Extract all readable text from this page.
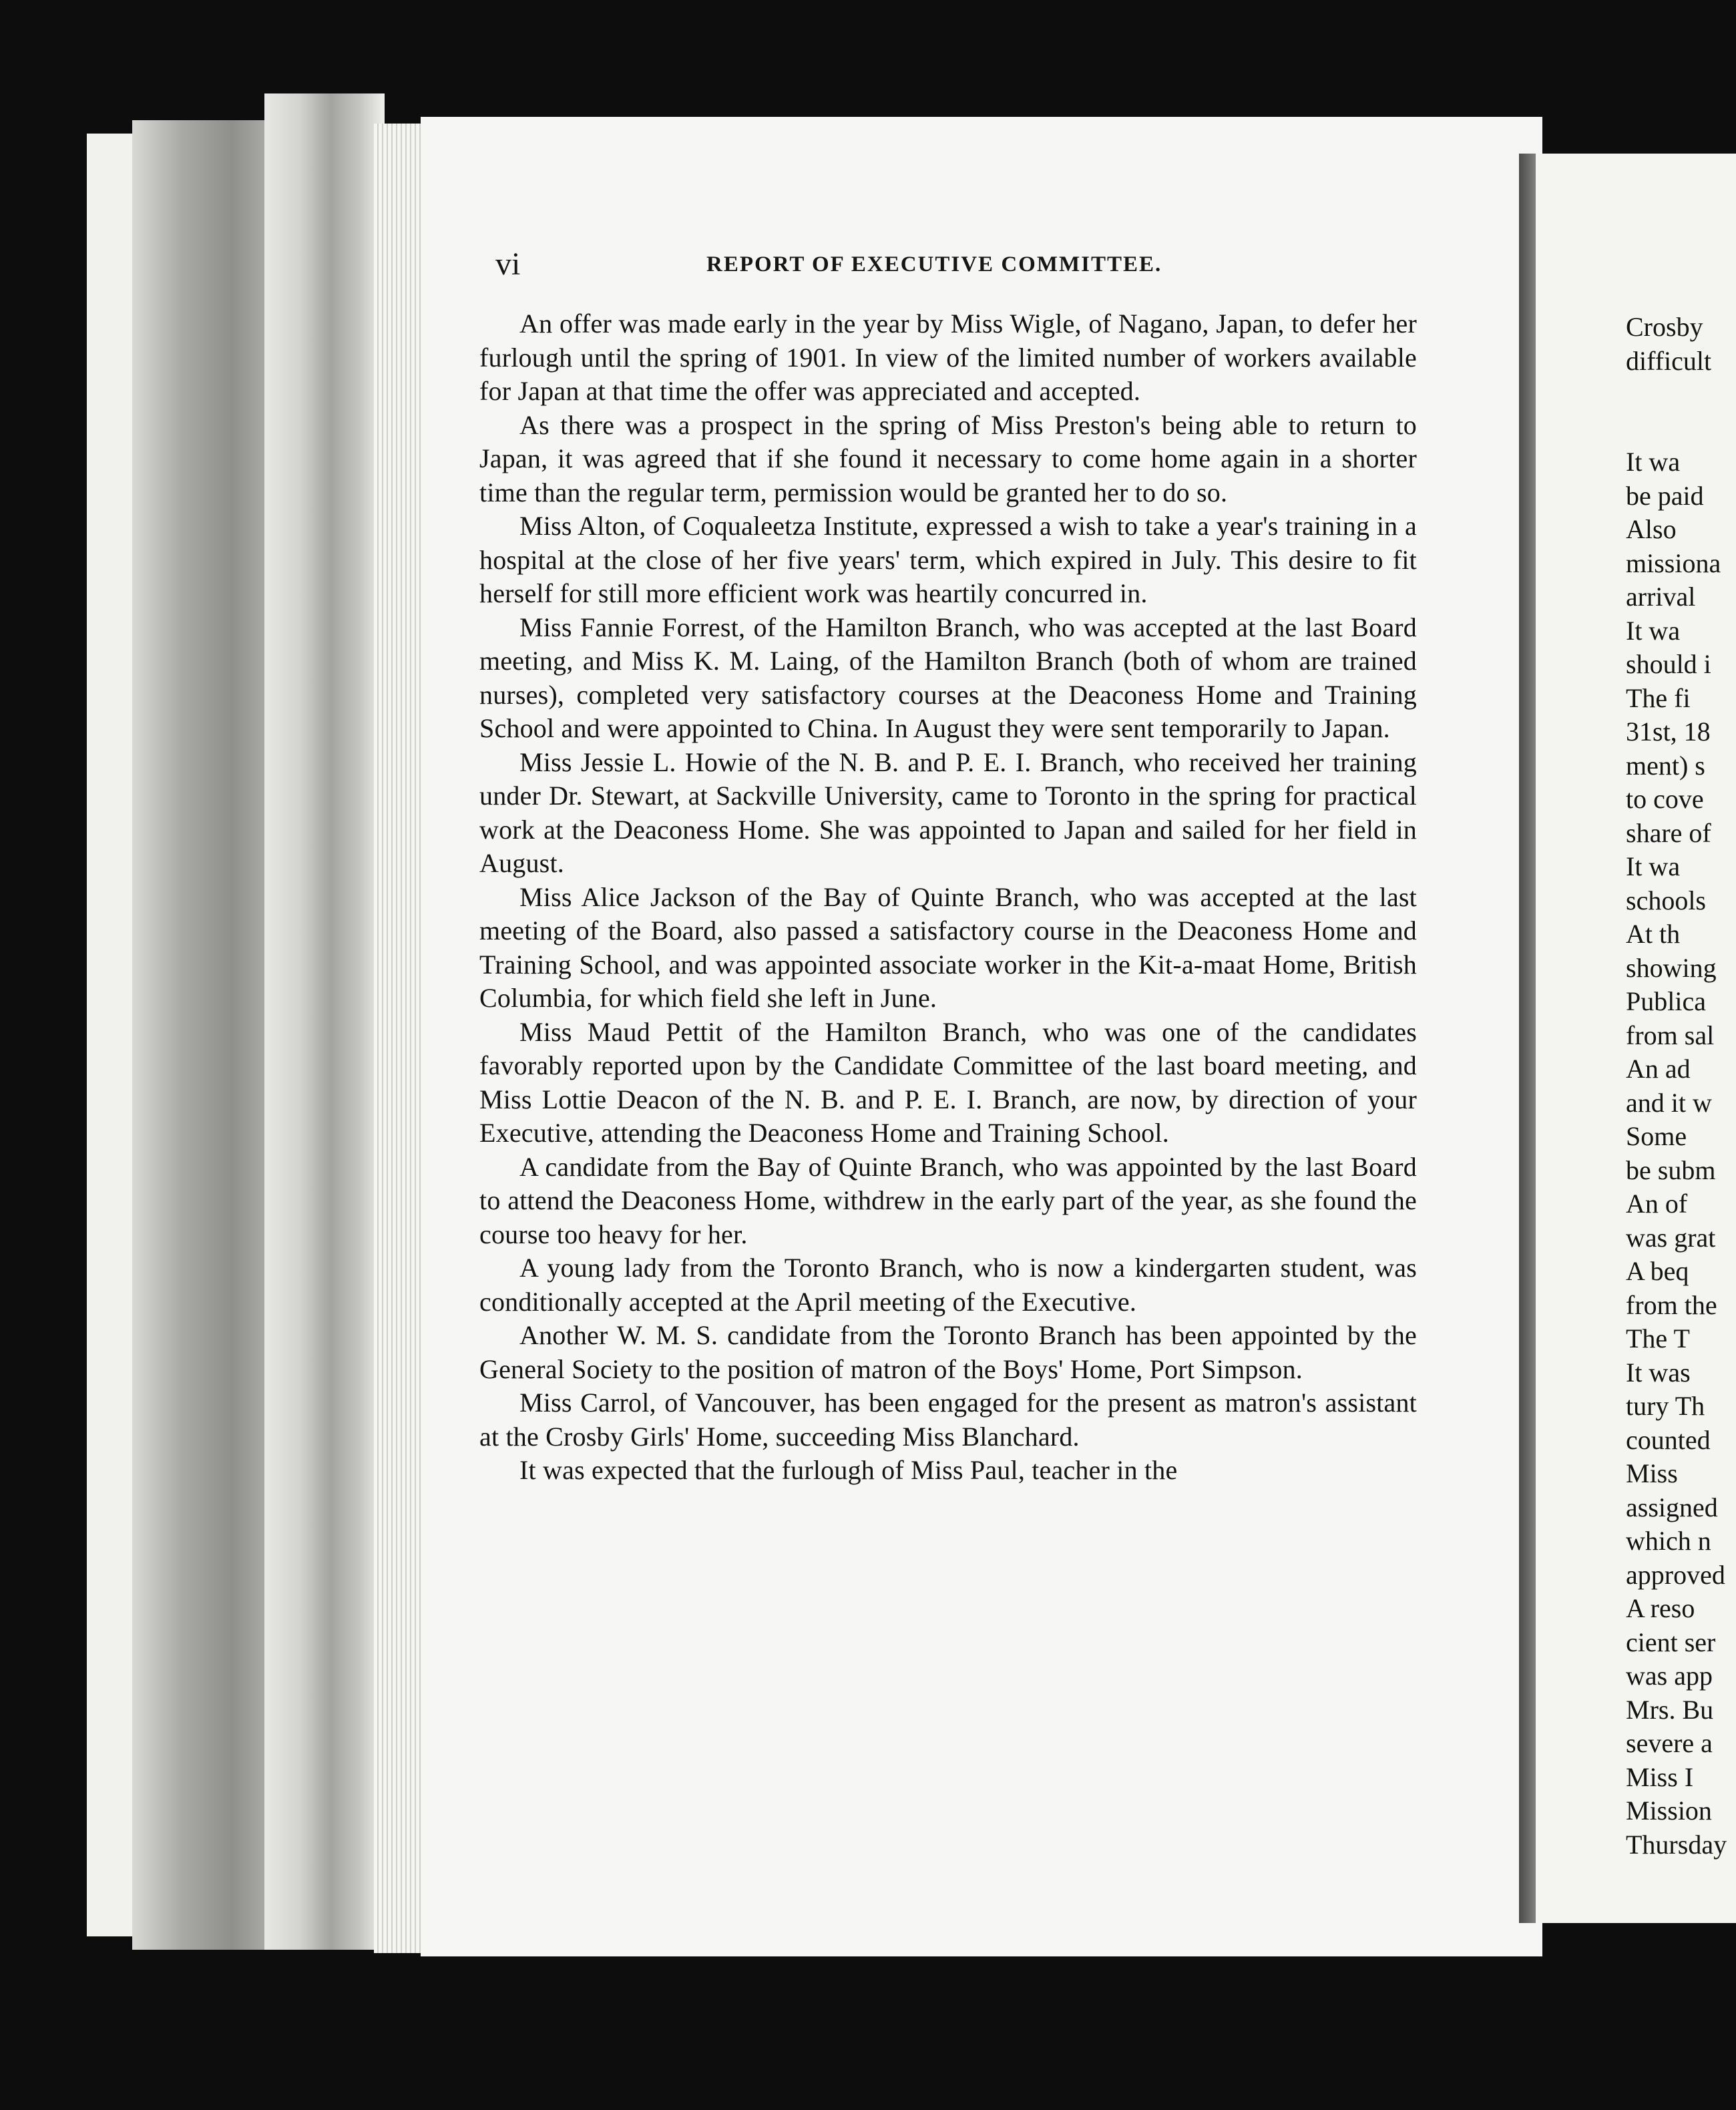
vi	REPORT OF EXECUTIVE COMMITTEE.

An offer was made early in the year by Miss Wigle, of Nagano, Japan, to defer her furlough until the spring of 1901. In view of the limited number of workers available for Japan at that time the offer was appreciated and accepted.

As there was a prospect in the spring of Miss Preston's being able to return to Japan, it was agreed that if she found it necessary to come home again in a shorter time than the regular term, permission would be granted her to do so.

Miss Alton, of Coqualeetza Institute, expressed a wish to take a year's training in a hospital at the close of her five years' term, which expired in July. This desire to fit herself for still more efficient work was heartily concurred in.

Miss Fannie Forrest, of the Hamilton Branch, who was accepted at the last Board meeting, and Miss K. M. Laing, of the Hamilton Branch (both of whom are trained nurses), completed very satisfactory courses at the Deaconess Home and Training School and were appointed to China. In August they were sent temporarily to Japan.

Miss Jessie L. Howie of the N. B. and P. E. I. Branch, who received her training under Dr. Stewart, at Sackville University, came to Toronto in the spring for practical work at the Deaconess Home. She was appointed to Japan and sailed for her field in August.

Miss Alice Jackson of the Bay of Quinte Branch, who was accepted at the last meeting of the Board, also passed a satisfactory course in the Deaconess Home and Training School, and was appointed associate worker in the Kit-a-maat Home, British Columbia, for which field she left in June.

Miss Maud Pettit of the Hamilton Branch, who was one of the candidates favorably reported upon by the Candidate Committee of the last board meeting, and Miss Lottie Deacon of the N. B. and P. E. I. Branch, are now, by direction of your Executive, attending the Deaconess Home and Training School.

A candidate from the Bay of Quinte Branch, who was appointed by the last Board to attend the Deaconess Home, withdrew in the early part of the year, as she found the course too heavy for her.

A young lady from the Toronto Branch, who is now a kindergarten student, was conditionally accepted at the April meeting of the Executive.

Another W. M. S. candidate from the Toronto Branch has been appointed by the General Society to the position of matron of the Boys' Home, Port Simpson.

Miss Carrol, of Vancouver, has been engaged for the present as matron's assistant at the Crosby Girls' Home, succeeding Miss Blanchard.

It was expected that the furlough of Miss Paul, teacher in the

Crosby
difficult
It wa
be paid
Also
missiona
arrival
It wa
should i
The fi
31st, 18
ment) s
to cove
share of
It wa
schools
At th
showing
Publica
from sal
An ad
and it w
Some
be subm
An of
was grat
A beq
from the
The T
It was
tury Th
counted
Miss
assigned
which n
approved
A reso
cient ser
was app
Mrs. Bu
severe a
Miss I
Mission
Thursday
